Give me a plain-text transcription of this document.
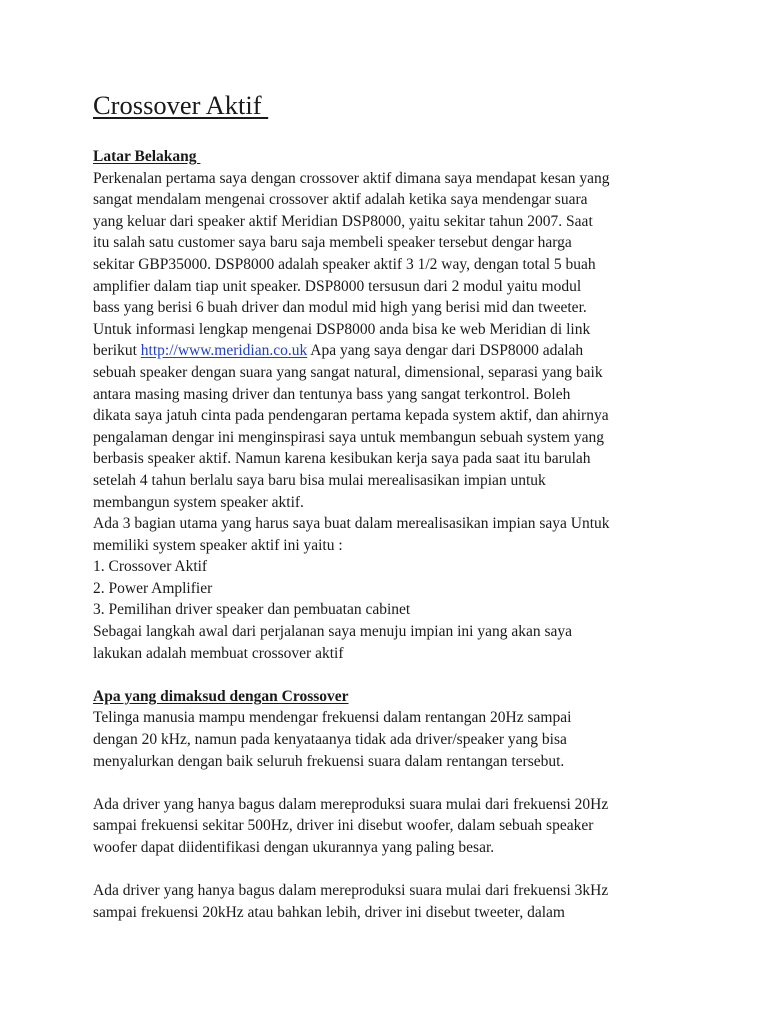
Crossover Aktif
Latar Belakang
Perkenalan pertama saya dengan crossover aktif dimana saya mendapat kesan yang
sangat mendalam mengenai crossover aktif adalah ketika saya mendengar suara
yang keluar dari speaker aktif Meridian DSP8000, yaitu sekitar tahun 2007. Saat
itu salah satu customer saya baru saja membeli speaker tersebut dengar harga
sekitar GBP35000. DSP8000 adalah speaker aktif 3 1/2 way, dengan total 5 buah
amplifier dalam tiap unit speaker. DSP8000 tersusun dari 2 modul yaitu modul
bass yang berisi 6 buah driver dan modul mid high yang berisi mid dan tweeter.
Untuk informasi lengkap mengenai DSP8000 anda bisa ke web Meridian di link
berikut http://www.meridian.co.uk Apa yang saya dengar dari DSP8000 adalah
sebuah speaker dengan suara yang sangat natural, dimensional, separasi yang baik
antara masing masing driver dan tentunya bass yang sangat terkontrol. Boleh
dikata saya jatuh cinta pada pendengaran pertama kepada system aktif, dan ahirnya
pengalaman dengar ini menginspirasi saya untuk membangun sebuah system yang
berbasis speaker aktif. Namun karena kesibukan kerja saya pada saat itu barulah
setelah 4 tahun berlalu saya baru bisa mulai merealisasikan impian untuk
membangun system speaker aktif.
Ada 3 bagian utama yang harus saya buat dalam merealisasikan impian saya Untuk
memiliki system speaker aktif ini yaitu :
1. Crossover Aktif
2. Power Amplifier
3. Pemilihan driver speaker dan pembuatan cabinet
Sebagai langkah awal dari perjalanan saya menuju impian ini yang akan saya
lakukan adalah membuat crossover aktif
Apa yang dimaksud dengan Crossover
Telinga manusia mampu mendengar frekuensi dalam rentangan 20Hz sampai
dengan 20 kHz, namun pada kenyataanya tidak ada driver/speaker yang bisa
menyalurkan dengan baik seluruh frekuensi suara dalam rentangan tersebut.
Ada driver yang hanya bagus dalam mereproduksi suara mulai dari frekuensi 20Hz
sampai frekuensi sekitar 500Hz, driver ini disebut woofer, dalam sebuah speaker
woofer dapat diidentifikasi dengan ukurannya yang paling besar.
Ada driver yang hanya bagus dalam mereproduksi suara mulai dari frekuensi 3kHz
sampai frekuensi 20kHz atau bahkan lebih, driver ini disebut tweeter, dalam
